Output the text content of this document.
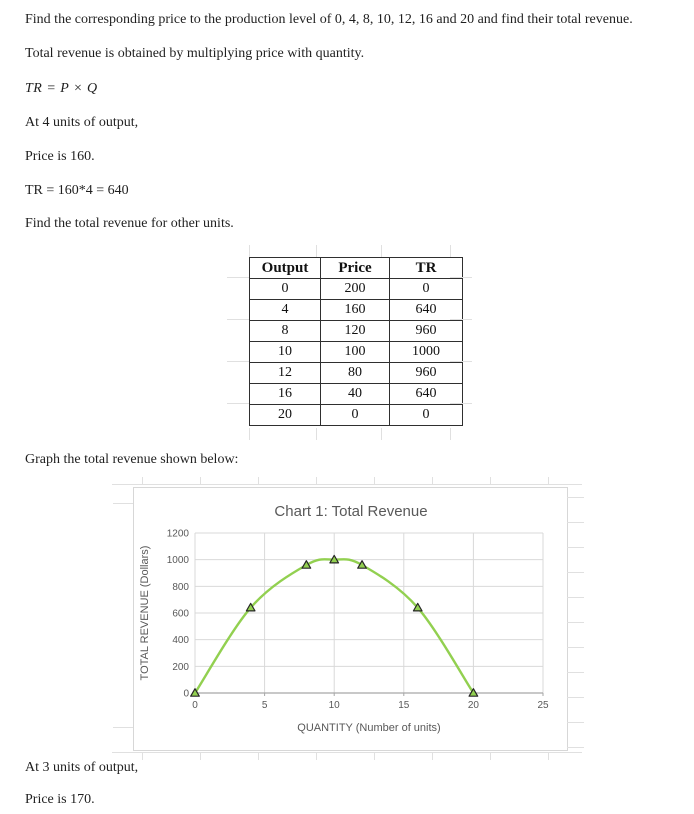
Find the corresponding price to the production level of 0, 4, 8, 10, 12, 16 and 20 and find their total revenue.

Total revenue is obtained by multiplying price with quantity.

TR = P × Q

At 4 units of output,

Price is 160.

TR = 160*4 = 640

Find the total revenue for other units.

Output	Price	TR
0	200	0
4	160	640
8	120	960
10	100	1000
12	80	960
16	40	640
20	0	0

Graph the total revenue shown below:

0
200
400
600
800
1000
1200
0	5	10	15	20	25
Chart 1: Total Revenue
QUANTITY (Number of units)
TOTAL REVENUE (Dollars)

At 3 units of output,

Price is 170.
